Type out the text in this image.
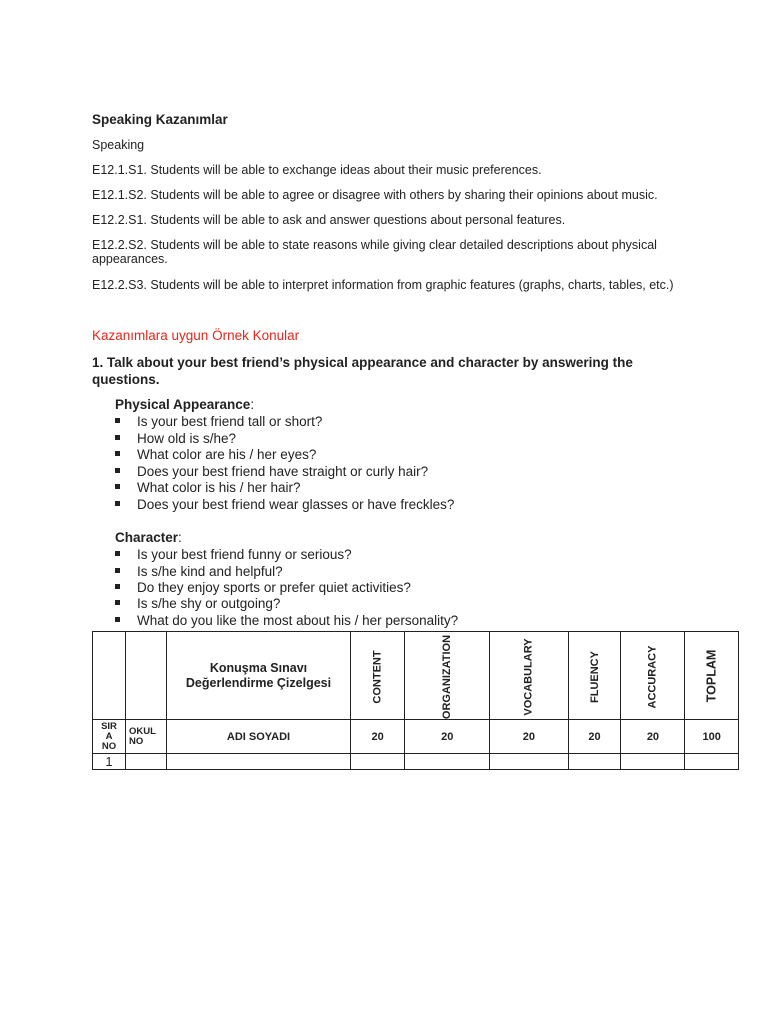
Speaking Kazanımlar
Speaking
E12.1.S1. Students will be able to exchange ideas about their music preferences.
E12.1.S2. Students will be able to agree or disagree with others by sharing their opinions about music.
E12.2.S1. Students will be able to ask and answer questions about personal features.
E12.2.S2. Students will be able to state reasons while giving clear detailed descriptions about physical appearances.
E12.2.S3. Students will be able to interpret information from graphic features (graphs, charts, tables, etc.)
Kazanımlara uygun Örnek Konular
1. Talk about your best friend’s physical appearance and character by answering the questions.
Physical Appearance:
Is your best friend tall or short?
How old is s/he?
What color are his / her eyes?
Does your best friend have straight or curly hair?
What color is his / her hair?
Does your best friend wear glasses or have freckles?
Character:
Is your best friend funny or serious?
Is s/he kind and helpful?
Do they enjoy sports or prefer quiet activities?
Is s/he shy or outgoing?
What do you like the most about his / her personality?

		Konuşma Sınavı
Değerlendirme Çizelgesi	CONTENT	ORGANIZATION	VOCABULARY	FLUENCY	ACCURACY	TOPLAM
SIR
A
NO	OKUL
NO	ADI SOYADI	20	20	20	20	20	100
1								
